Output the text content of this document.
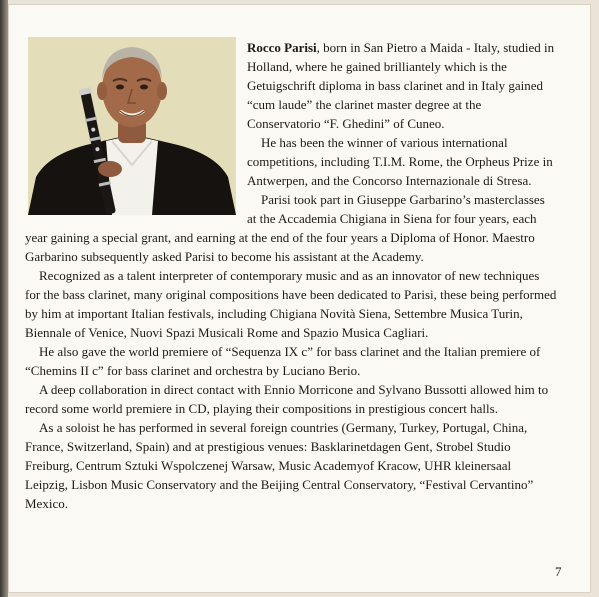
7

Rocco Parisi, born in San Pietro a Maida - Italy, studied in Holland, where he gained brilliantely which is the Getuigschrift diploma in bass clarinet and in Italy gained “cum laude” the clarinet master degree at the Conservatorio “F. Ghedini” of Cuneo.

He has been the winner of various international competitions, including T.I.M. Rome, the Orpheus Prize in Antwerpen, and the Concorso Internazionale di Stresa.

Parisi took part in Giuseppe Garbarino’s masterclasses at the Accademia Chigiana in Siena for four years, each year gaining a special grant, and earning at the end of the four years a Diploma of Honor. Maestro Garbarino subsequently asked Parisi to become his assistant at the Academy.

Recognized as a talent interpreter of contemporary music and as an innovator of new techniques for the bass clarinet, many original compositions have been dedicated to Parisi, these being performed by him at important Italian festivals, including Chigiana Novità Siena, Settembre Musica Turin, Biennale of Venice, Nuovi Spazi Musicali Rome and Spazio Musica Cagliari.

He also gave the world premiere of “Sequenza IX c” for bass clarinet and the Italian premiere of “Chemins II c” for bass clarinet and orchestra by Luciano Berio.

A deep collaboration in direct contact with Ennio Morricone and Sylvano Bussotti allowed him to record some world premiere in CD, playing their compositions in prestigious concert halls.

As a soloist he has performed in several foreign countries (Germany, Turkey, Portugal, China, France, Switzerland, Spain) and at prestigious venues: Basklarinetdagen Gent, Strobel Studio Freiburg, Centrum Sztuki Wspolczenej Warsaw, Music Academyof Kracow, UHR kleinersaal Leipzig, Lisbon Music Conservatory and the Beijing Central Conservatory, “Festival Cervantino” Mexico.
